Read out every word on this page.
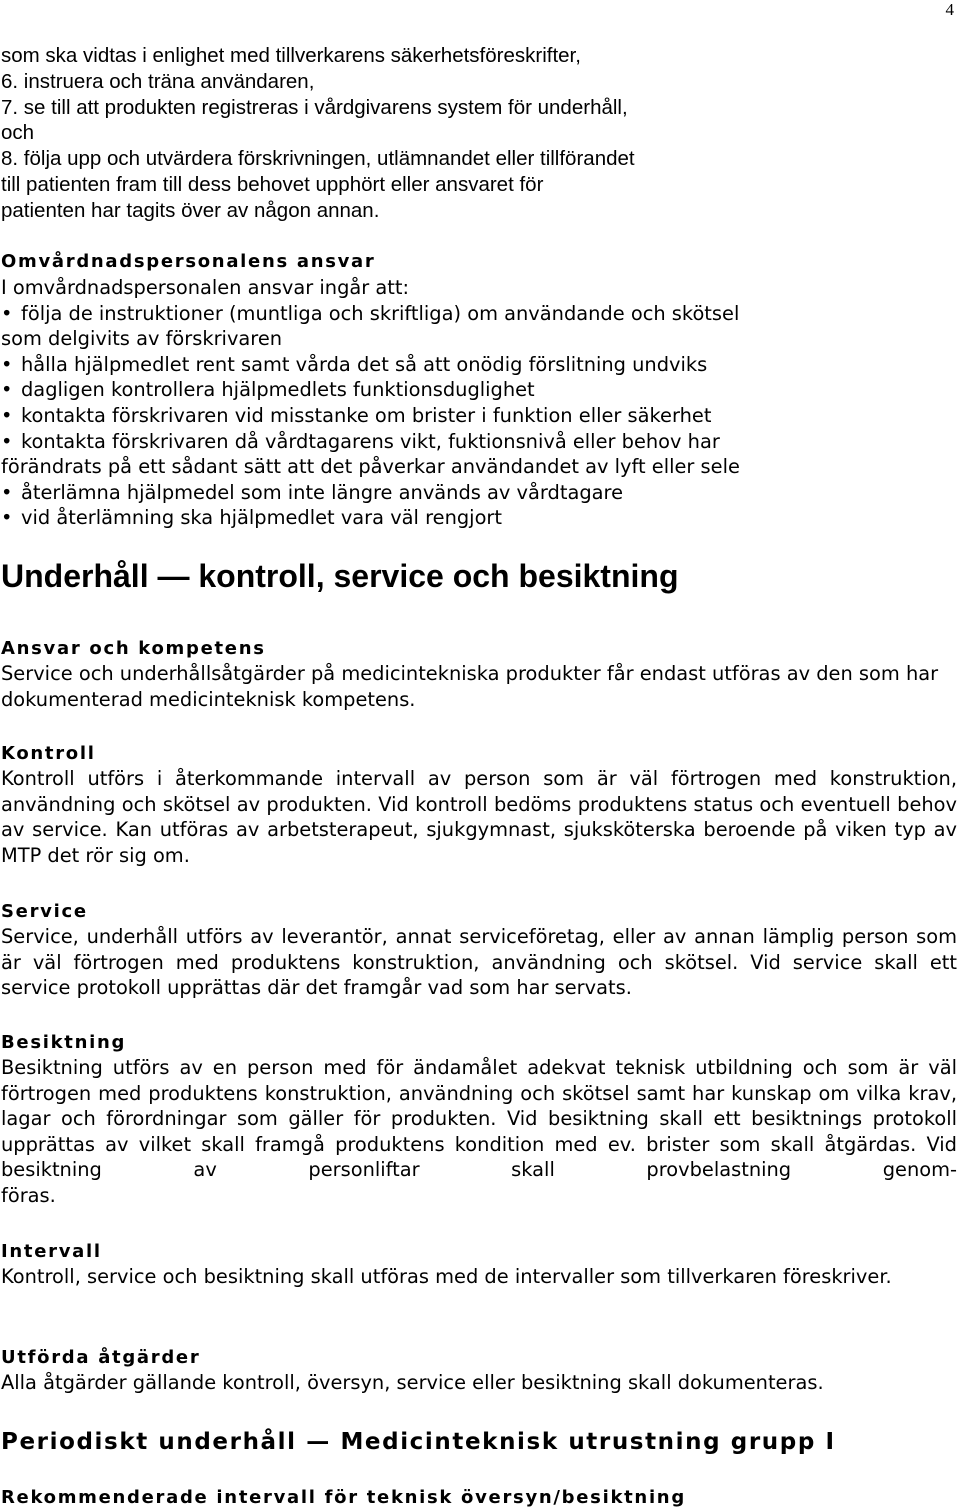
4

som ska vidtas i enlighet med tillverkarens säkerhetsföreskrifter,

6. instruera och träna användaren,

7. se till att produkten registreras i vårdgivarens system för underhåll,

och

8. följa upp och utvärdera förskrivningen, utlämnandet eller tillförandet

till patienten fram till dess behovet upphört eller ansvaret för

patienten har tagits över av någon annan.

Omvårdnadspersonalens ansvar

I omvårdnadspersonalen ansvar ingår att:

• följa de instruktioner (muntliga och skriftliga) om användande och skötsel

som delgivits av förskrivaren

• hålla hjälpmedlet rent samt vårda det så att onödig förslitning undviks
• dagligen kontrollera hjälpmedlets funktionsduglighet
• kontakta förskrivaren vid misstanke om brister i funktion eller säkerhet
• kontakta förskrivaren då vårdtagarens vikt, fuktionsnivå eller behov har

förändrats på ett sådant sätt att det påverkar användandet av lyft eller sele

• återlämna hjälpmedel som inte längre används av vårdtagare
• vid återlämning ska hjälpmedlet vara väl rengjort
Underhåll — kontroll, service och besiktning

Ansvar och kompetens

Service och underhållsåtgärder på medicintekniska produkter får endast utföras av den som har dokumenterad medicinteknisk kompetens.

Kontroll

Kontroll utförs i återkommande intervall av person som är väl förtrogen med konstruktion, användning och skötsel av produkten. Vid kontroll bedöms produktens status och eventuell behov av service. Kan utföras av arbetsterapeut, sjukgymnast, sjuksköterska beroende på viken typ av MTP det rör sig om.

Service

Service, underhåll utförs av leverantör, annat serviceföretag, eller av annan lämplig person som är väl förtrogen med produktens konstruktion, användning och skötsel. Vid service skall ett service protokoll upprättas där det framgår vad som har servats.

Besiktning

Besiktning utförs av en person med för ändamålet adekvat teknisk utbildning och som är väl förtrogen med produktens konstruktion, användning och skötsel samt har kunskap om vilka krav, lagar och förordningar som gäller för produkten. Vid besiktning skall ett besiktnings protokoll upprättas av vilket skall framgå produktens kondition med ev. brister som skall åtgärdas. Vid besiktning av personliftar skall provbelastning genom-

föras.

Intervall

Kontroll, service och besiktning skall utföras med de intervaller som tillverkaren föreskriver.

Utförda åtgärder

Alla åtgärder gällande kontroll, översyn, service eller besiktning skall dokumenteras.

Periodiskt underhåll — Medicinteknisk utrustning grupp I

Rekommenderade intervall för teknisk översyn/besiktning
